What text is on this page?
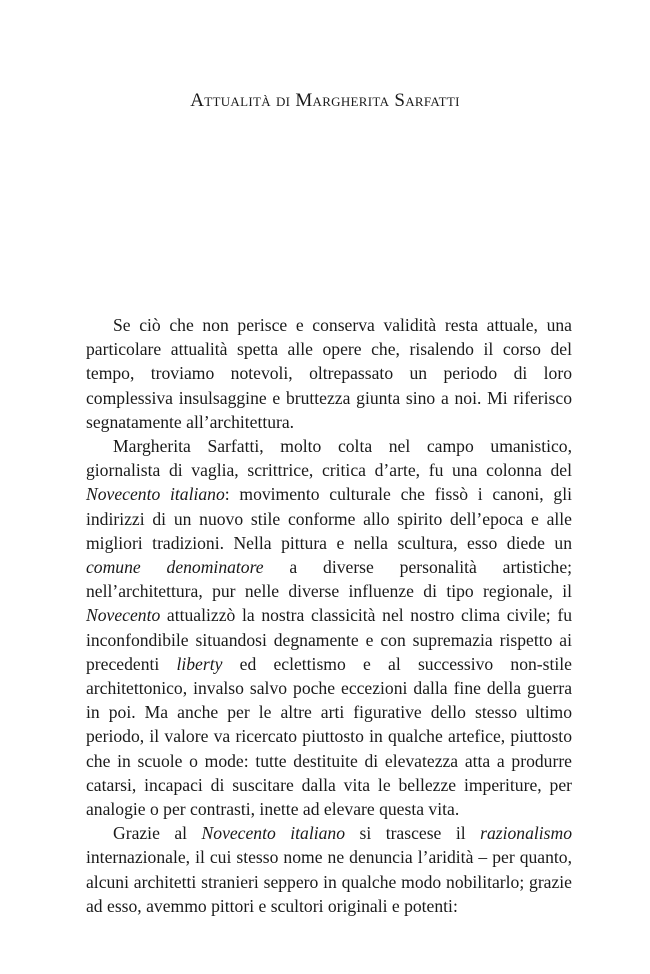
Attualità di Margherita Sarfatti

Se ciò che non perisce e conserva validità resta attuale, una particolare attualità spetta alle opere che, risalendo il corso del tempo, troviamo notevoli, oltrepassato un periodo di loro complessiva insulsaggine e bruttezza giunta sino a noi. Mi riferisco segnatamente all’architettura.

Margherita Sarfatti, molto colta nel campo umanistico, giornalista di vaglia, scrittrice, critica d’arte, fu una colonna del Novecento italiano: movimento culturale che fissò i canoni, gli indirizzi di un nuovo stile conforme allo spirito dell’epoca e alle migliori tradizioni. Nella pittura e nella scultura, esso diede un comune denominatore a diverse personalità artistiche; nell’architettura, pur nelle diverse influenze di tipo regionale, il Novecento attualizzò la nostra classicità nel nostro clima civile; fu inconfondibile situandosi degnamente e con supremazia rispetto ai precedenti liberty ed eclettismo e al successivo non-stile architettonico, invalso salvo poche eccezioni dalla fine della guerra in poi. Ma anche per le altre arti figurative dello stesso ultimo periodo, il valore va ricercato piuttosto in qualche artefice, piuttosto che in scuole o mode: tutte destituite di elevatezza atta a produrre catarsi, incapaci di suscitare dalla vita le bellezze imperiture, per analogie o per contrasti, inette ad elevare questa vita.

Grazie al Novecento italiano si trascese il razionalismo internazionale, il cui stesso nome ne denuncia l’aridità – per quanto, alcuni architetti stranieri seppero in qualche modo nobilitarlo; grazie ad esso, avemmo pittori e scultori originali e potenti:
